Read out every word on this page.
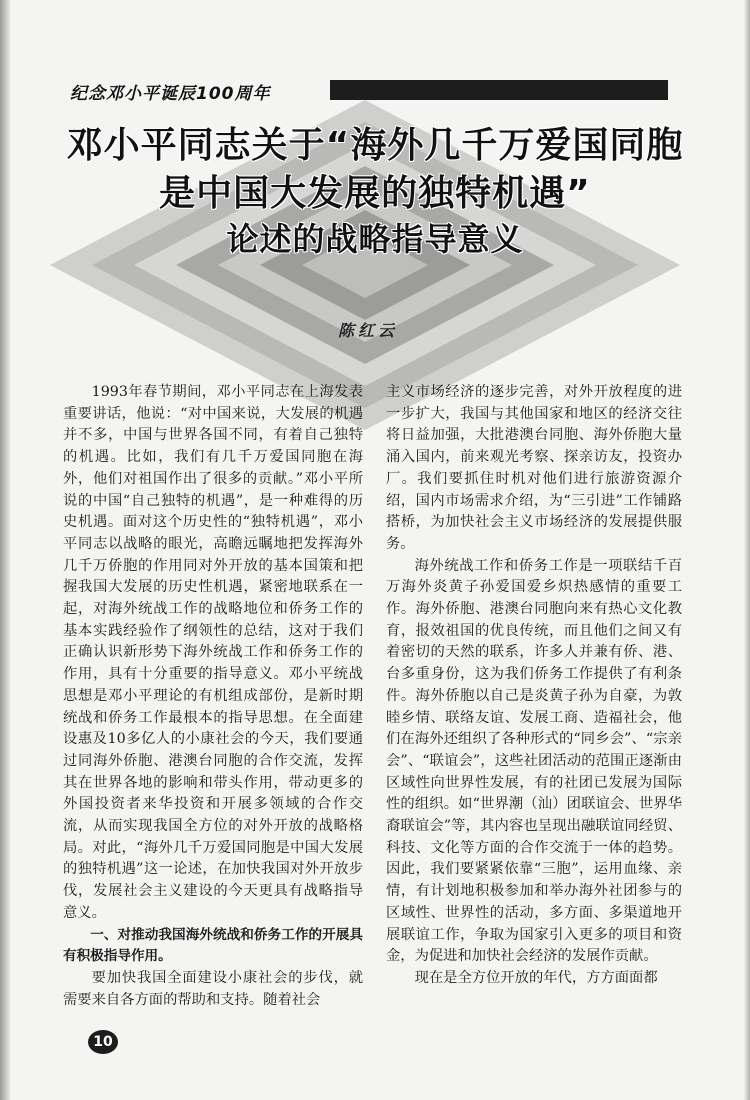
纪念邓小平诞辰100周年
邓小平同志关于“海外几千万爱国同胞
是中国大发展的独特机遇”
论述的战略指导意义
陈红云

1993年春节期间，邓小平同志在上海发表重要讲话，他说：“对中国来说，大发展的机遇并不多，中国与世界各国不同，有着自己独特的机遇。比如，我们有几千万爱国同胞在海外，他们对祖国作出了很多的贡献。”邓小平所说的中国“自己独特的机遇”，是一种难得的历史机遇。面对这个历史性的“独特机遇”，邓小平同志以战略的眼光，高瞻远瞩地把发挥海外几千万侨胞的作用同对外开放的基本国策和把握我国大发展的历史性机遇，紧密地联系在一起，对海外统战工作的战略地位和侨务工作的基本实践经验作了纲领性的总结，这对于我们正确认识新形势下海外统战工作和侨务工作的作用，具有十分重要的指导意义。邓小平统战思想是邓小平理论的有机组成部份，是新时期统战和侨务工作最根本的指导思想。在全面建设惠及10多亿人的小康社会的今天，我们要通过同海外侨胞、港澳台同胞的合作交流，发挥其在世界各地的影响和带头作用，带动更多的外国投资者来华投资和开展多领域的合作交流，从而实现我国全方位的对外开放的战略格局。对此，“海外几千万爱国同胞是中国大发展的独特机遇”这一论述，在加快我国对外开放步伐，发展社会主义建设的今天更具有战略指导意义。

一、对推动我国海外统战和侨务工作的开展具有积极指导作用。

要加快我国全面建设小康社会的步伐，就需要来自各方面的帮助和支持。随着社会

主义市场经济的逐步完善，对外开放程度的进一步扩大，我国与其他国家和地区的经济交往将日益加强，大批港澳台同胞、海外侨胞大量涌入国内，前来观光考察、探亲访友，投资办厂。我们要抓住时机对他们进行旅游资源介绍，国内市场需求介绍，为“三引进”工作铺路搭桥，为加快社会主义市场经济的发展提供服务。

海外统战工作和侨务工作是一项联结千百万海外炎黄子孙爱国爱乡炽热感情的重要工作。海外侨胞、港澳台同胞向来有热心文化教育，报效祖国的优良传统，而且他们之间又有着密切的天然的联系，许多人并兼有侨、港、台多重身份，这为我们侨务工作提供了有利条件。海外侨胞以自己是炎黄子孙为自豪，为敦睦乡情、联络友谊、发展工商、造福社会，他们在海外还组织了各种形式的“同乡会”、“宗亲会”、“联谊会”，这些社团活动的范围正逐渐由区域性向世界性发展，有的社团已发展为国际性的组织。如“世界潮（汕）团联谊会、世界华裔联谊会”等，其内容也呈现出融联谊同经贸、科技、文化等方面的合作交流于一体的趋势。因此，我们要紧紧依靠“三胞”，运用血缘、亲情，有计划地积极参加和举办海外社团参与的区域性、世界性的活动，多方面、多渠道地开展联谊工作，争取为国家引入更多的项目和资金，为促进和加快社会经济的发展作贡献。

现在是全方位开放的年代，方方面面都

10
